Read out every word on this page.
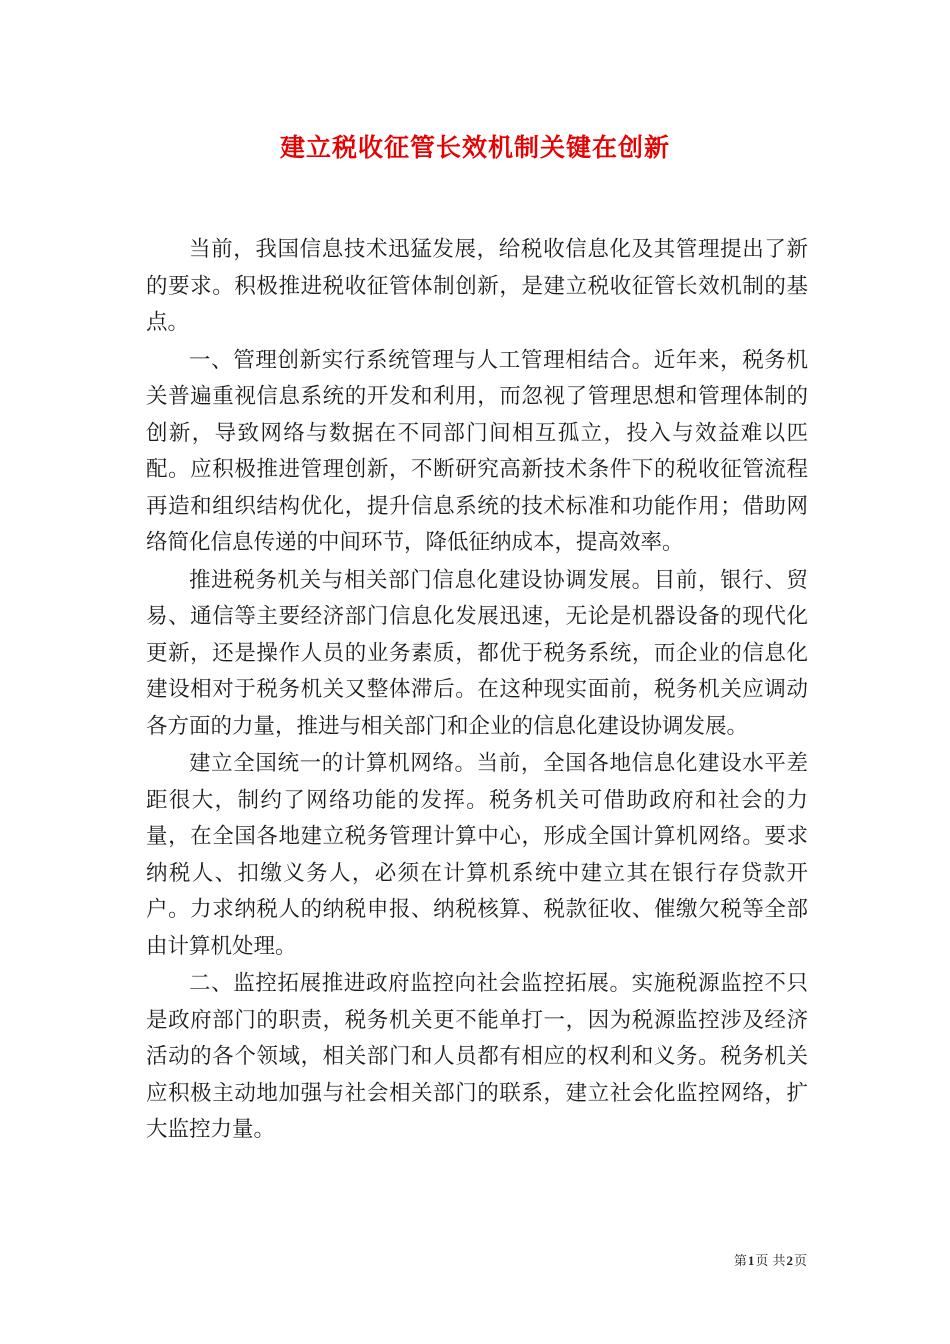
建立税收征管长效机制关键在创新

当前，我国信息技术迅猛发展，给税收信息化及其管理提出了新的要求。积极推进税收征管体制创新，是建立税收征管长效机制的基点。

一、管理创新实行系统管理与人工管理相结合。近年来，税务机关普遍重视信息系统的开发和利用，而忽视了管理思想和管理体制的创新，导致网络与数据在不同部门间相互孤立，投入与效益难以匹配。应积极推进管理创新，不断研究高新技术条件下的税收征管流程再造和组织结构优化，提升信息系统的技术标准和功能作用；借助网络简化信息传递的中间环节，降低征纳成本，提高效率。

推进税务机关与相关部门信息化建设协调发展。目前，银行、贸易、通信等主要经济部门信息化发展迅速，无论是机器设备的现代化更新，还是操作人员的业务素质，都优于税务系统，而企业的信息化建设相对于税务机关又整体滞后。在这种现实面前，税务机关应调动各方面的力量，推进与相关部门和企业的信息化建设协调发展。

建立全国统一的计算机网络。当前，全国各地信息化建设水平差距很大，制约了网络功能的发挥。税务机关可借助政府和社会的力量，在全国各地建立税务管理计算中心，形成全国计算机网络。要求纳税人、扣缴义务人，必须在计算机系统中建立其在银行存贷款开户。力求纳税人的纳税申报、纳税核算、税款征收、催缴欠税等全部由计算机处理。

二、监控拓展推进政府监控向社会监控拓展。实施税源监控不只是政府部门的职责，税务机关更不能单打一，因为税源监控涉及经济活动的各个领域，相关部门和人员都有相应的权利和义务。税务机关应积极主动地加强与社会相关部门的联系，建立社会化监控网络，扩大监控力量。

第1页 共2页
